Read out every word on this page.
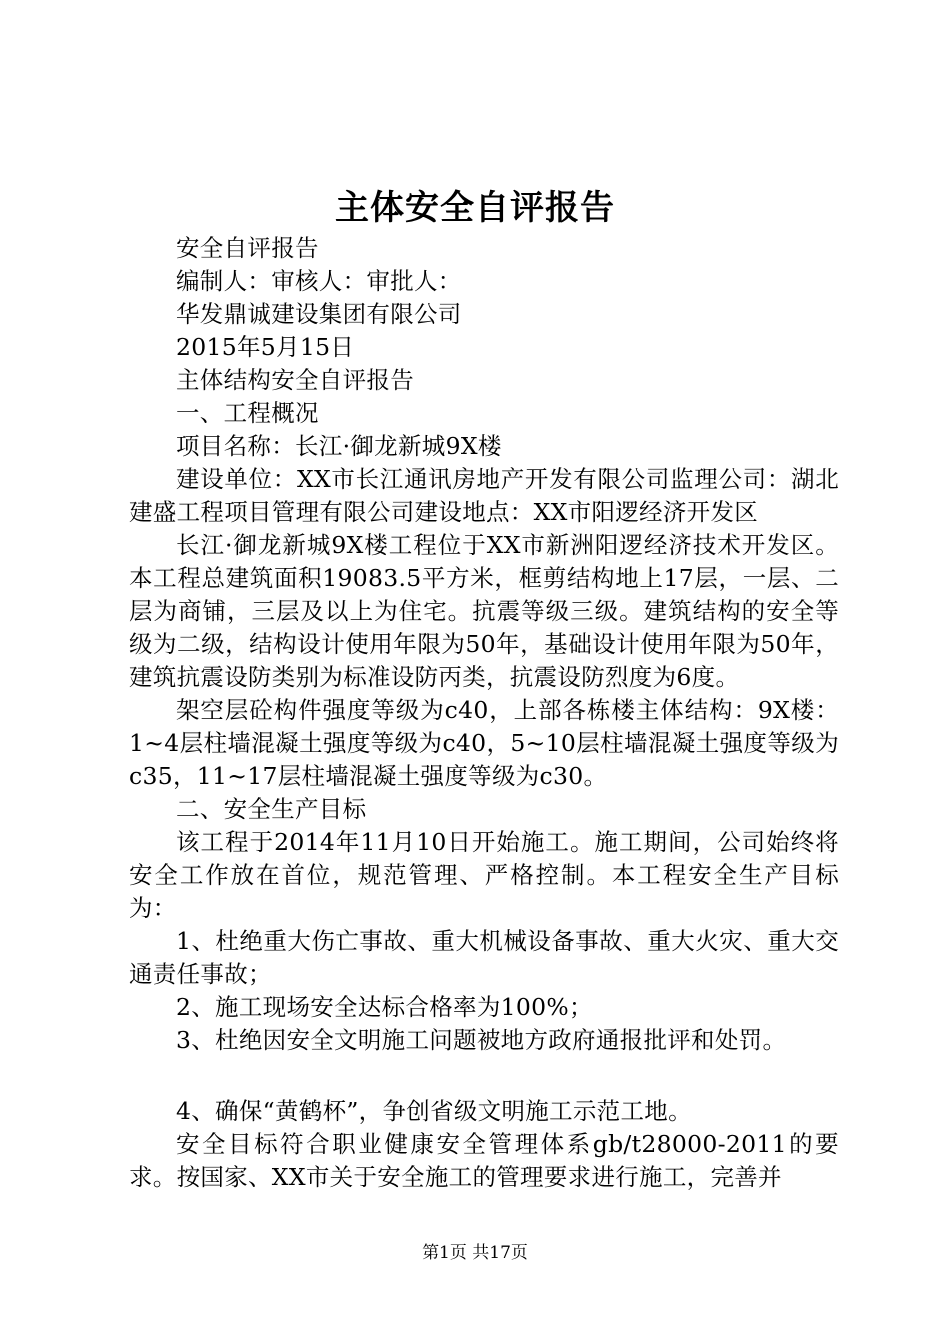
主体安全自评报告

安全自评报告

编制人：审核人：审批人：

华发鼎诚建设集团有限公司

2015年5月15日

主体结构安全自评报告

一、工程概况

项目名称：长江·御龙新城9X楼

建设单位：XX市长江通讯房地产开发有限公司监理公司：湖北建盛工程项目管理有限公司建设地点：XX市阳逻经济开发区

长江·御龙新城9X楼工程位于XX市新洲阳逻经济技术开发区。本工程总建筑面积19083.5平方米，框剪结构地上17层，一层、二层为商铺，三层及以上为住宅。抗震等级三级。建筑结构的安全等级为二级，结构设计使用年限为50年，基础设计使用年限为50年，建筑抗震设防类别为标准设防丙类，抗震设防烈度为6度。

架空层砼构件强度等级为c40，上部各栋楼主体结构：9X楼：1~4层柱墙混凝土强度等级为c40，5~10层柱墙混凝土强度等级为c35，11~17层柱墙混凝土强度等级为c30。

二、安全生产目标

该工程于2014年11月10日开始施工。施工期间，公司始终将安全工作放在首位，规范管理、严格控制。本工程安全生产目标为：

1、杜绝重大伤亡事故、重大机械设备事故、重大火灾、重大交通责任事故；

2、施工现场安全达标合格率为100%；

3、杜绝因安全文明施工问题被地方政府通报批评和处罚。

4、确保“黄鹤杯”，争创省级文明施工示范工地。

安全目标符合职业健康安全管理体系gb/t28000-2011的要求。按国家、XX市关于安全施工的管理要求进行施工，完善并

第1页 共17页
